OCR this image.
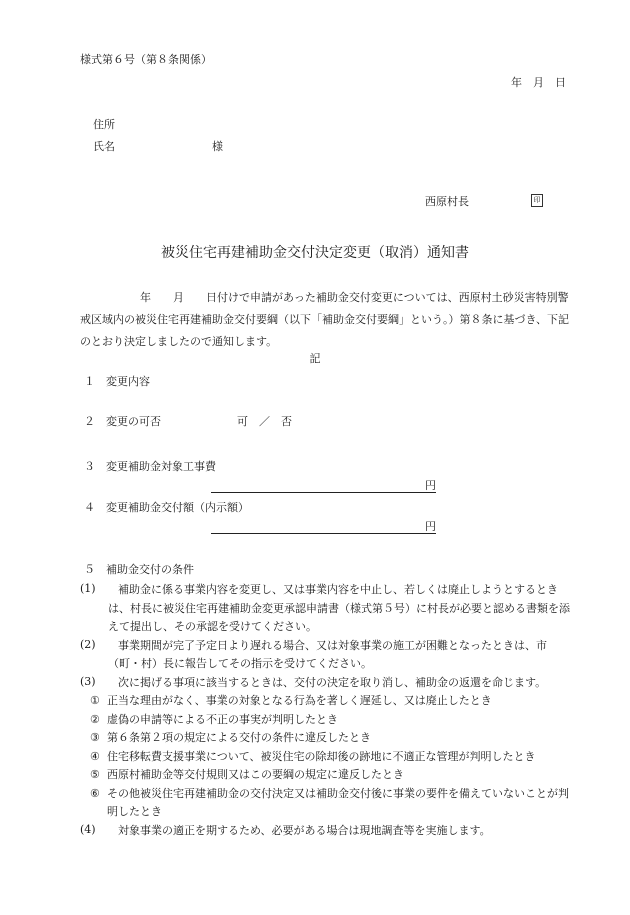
様式第６号（第８条関係）
年　月　日
住所
氏名	様
西原村長	印
被災住宅再建補助金交付決定変更（取消）通知書
年　　月　　日付けで申請があった補助金交付変更については、西原村土砂災害特別警戒区域内の被災住宅再建補助金交付要綱（以下「補助金交付要綱」という。）第８条に基づき、下記のとおり決定しましたので通知します。
記
１ 変更内容
２ 変更の可否	可　／　否
３ 変更補助金対象工事費
円
４ 変更補助金交付額（内示額）
円
５ 補助金交付の条件
(1)	補助金に係る事業内容を変更し、又は事業内容を中止し、若しくは廃止しようとするときは、村長に被災住宅再建補助金変更承認申請書（様式第５号）に村長が必要と認める書類を添えて提出し、その承認を受けてください。
(2)	事業期間が完了予定日より遅れる場合、又は対象事業の施工が困難となったときは、市（町・村）長に報告してその指示を受けてください。
(3)	次に掲げる事項に該当するときは、交付の決定を取り消し、補助金の返還を命じます。
① 正当な理由がなく、事業の対象となる行為を著しく遅延し、又は廃止したとき
② 虚偽の申請等による不正の事実が判明したとき
③ 第６条第２項の規定による交付の条件に違反したとき
④ 住宅移転費支援事業について、被災住宅の除却後の跡地に不適正な管理が判明したとき
⑤ 西原村補助金等交付規則又はこの要綱の規定に違反したとき
⑥ その他被災住宅再建補助金の交付決定又は補助金交付後に事業の要件を備えていないことが判明したとき
(4)	対象事業の適正を期するため、必要がある場合は現地調査等を実施します。
